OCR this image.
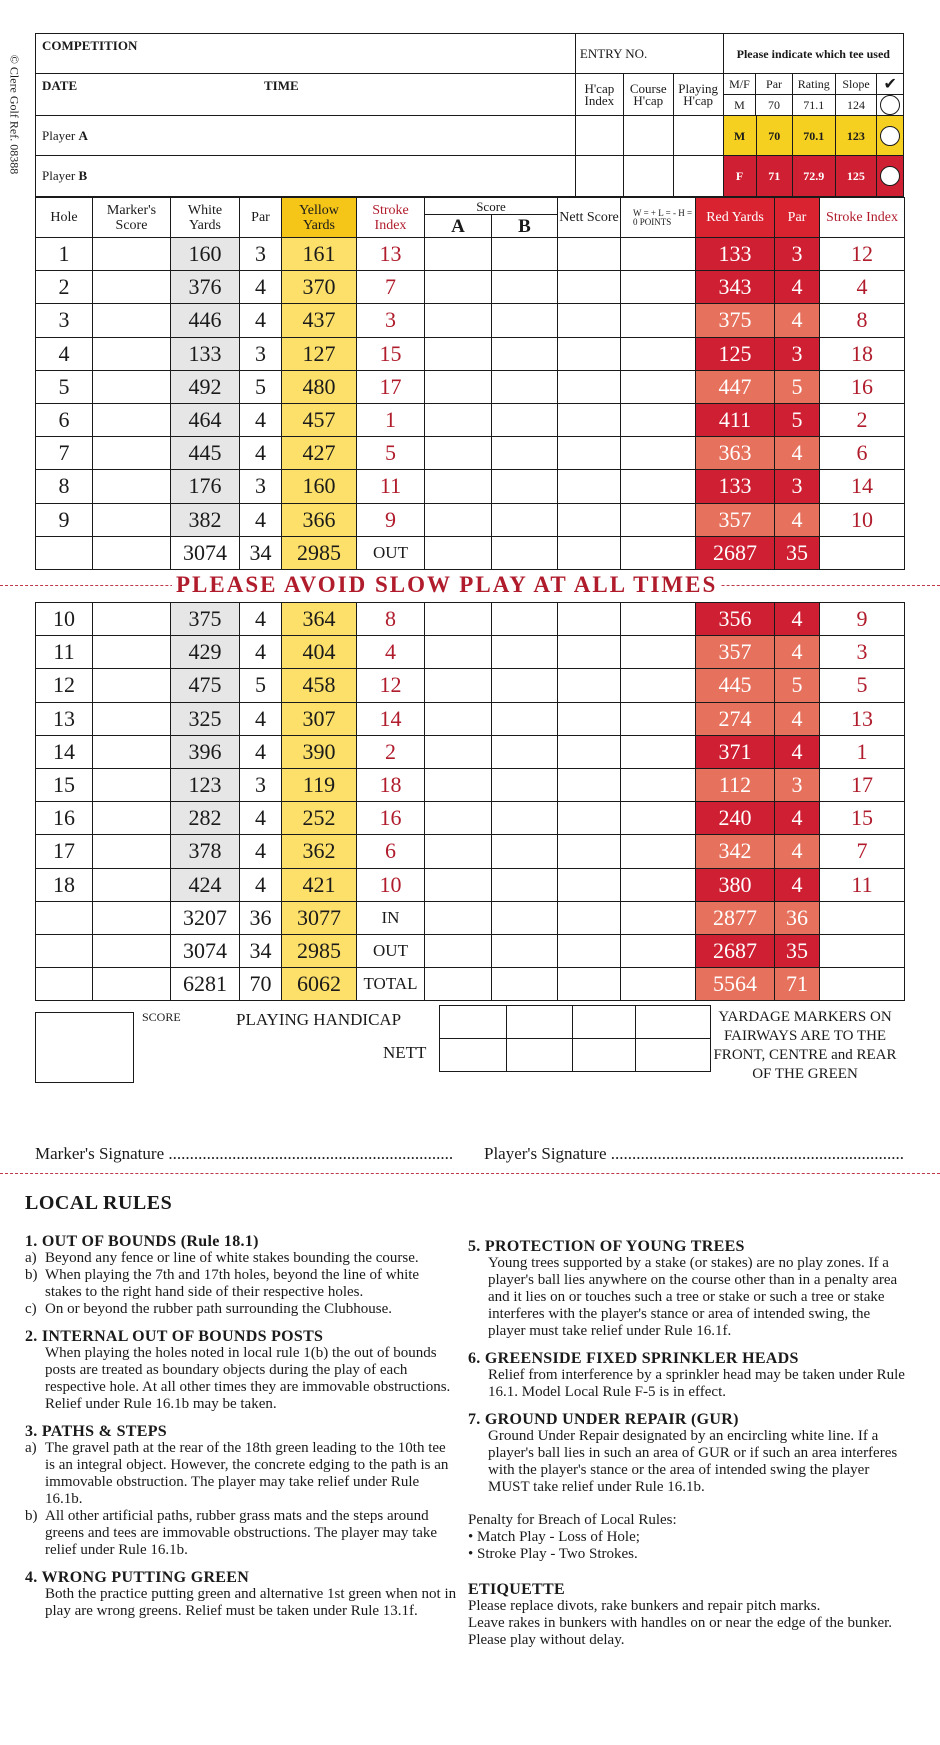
© Clere Golf Ref. 08388
COMPETITION	ENTRY NO.	Please indicate which tee used
DATE	TIME	H'cap Index	Course H'cap	Playing H'cap	M/F	Par	Rating	Slope	✔
M	70	71.1	124	
Player A					M	70	70.1	123	

Player B					F	71	72.9	125	
Hole	Marker's Score	White Yards	Par	Yellow Yards	Stroke Index	Score		Nett Score	W = + L = - H = 0 POINTS	Red Yards	Par	Stroke Index
						A	B					
1		160	3	161	13					133	3	12
2		376	4	370	7					343	4	4
3		446	4	437	3					375	4	8
4		133	3	127	15					125	3	18
5		492	5	480	17					447	5	16
6		464	4	457	1					411	5	2
7		445	4	427	5					363	4	6
8		176	3	160	11					133	3	14
9		382	4	366	9					357	4	10
		3074	34	2985	OUT					2687	35	
PLEASE AVOID SLOW PLAY AT ALL TIMES
10		375	4	364	8					356	4	9
11		429	4	404	4					357	4	3
12		475	5	458	12					445	5	5
13		325	4	307	14					274	4	13
14		396	4	390	2					371	4	1
15		123	3	119	18					112	3	17
16		282	4	252	16					240	4	15
17		378	4	362	6					342	4	7
18		424	4	421	10					380	4	11
		3207	36	3077	IN					2877	36	
		3074	34	2985	OUT					2687	35	
		6281	70	6062	TOTAL					5564	71	
SCORE	PLAYING HANDICAP
NETT

YARDAGE MARKERS ON FAIRWAYS ARE TO THE FRONT, CENTRE and REAR OF THE GREEN
Marker's Signature ................................................................... Player's Signature .....................................................................
LOCAL RULES
1. OUT OF BOUNDS (Rule 18.1)
a) Beyond any fence or line of white stakes bounding the course.
b) When playing the 7th and 17th holes, beyond the line of white stakes to the right hand side of their respective holes.
c) On or beyond the rubber path surrounding the Clubhouse.
2. INTERNAL OUT OF BOUNDS POSTS

When playing the holes noted in local rule 1(b) the out of bounds posts are treated as boundary objects during the play of each respective hole. At all other times they are immovable obstructions. Relief under Rule 16.1b may be taken.

3. PATHS & STEPS
a) The gravel path at the rear of the 18th green leading to the 10th tee is an integral object. However, the concrete edging to the path is an immovable obstruction. The player may take relief under Rule 16.1b.
b) All other artificial paths, rubber grass mats and the steps around greens and tees are immovable obstructions. The player may take relief under Rule 16.1b.
4. WRONG PUTTING GREEN

Both the practice putting green and alternative 1st green when not in play are wrong greens. Relief must be taken under Rule 13.1f.

5. PROTECTION OF YOUNG TREES

Young trees supported by a stake (or stakes) are no play zones. If a player's ball lies anywhere on the course other than in a penalty area and it lies on or touches such a tree or stake or such a tree or stake interferes with the player's stance or area of intended swing, the player must take relief under Rule 16.1f.

6. GREENSIDE FIXED SPRINKLER HEADS

Relief from interference by a sprinkler head may be taken under Rule 16.1. Model Local Rule F-5 is in effect.

7. GROUND UNDER REPAIR (GUR)

Ground Under Repair designated by an encircling white line. If a player's ball lies in such an area of GUR or if such an area interferes with the player's stance or the area of intended swing the player MUST take relief under Rule 16.1b.

Penalty for Breach of Local Rules:

• Match Play - Loss of Hole;

• Stroke Play - Two Strokes.

ETIQUETTE

Please replace divots, rake bunkers and repair pitch marks.

Leave rakes in bunkers with handles on or near the edge of the bunker.

Please play without delay.
